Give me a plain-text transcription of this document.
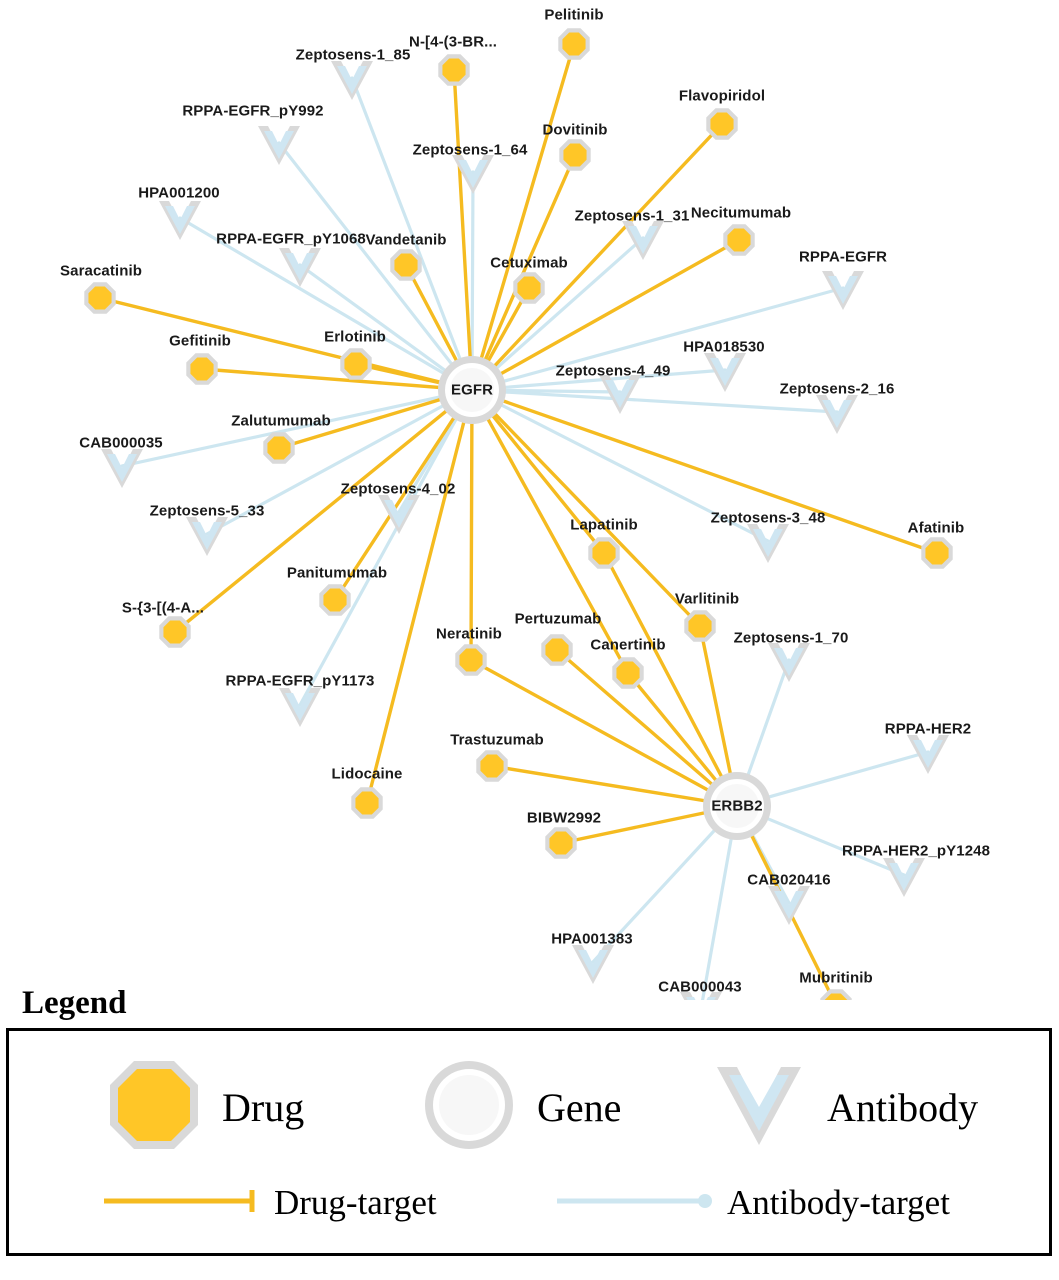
Pelitinib
N-[4-(3-BR...
Flavopiridol
Dovitinib
Necitumumab
Vandetanib
Cetuximab
Saracatinib
Gefitinib	Erlotinib
Zalutumumab
Afatinib
Lapatinib
Varlitinib
Panitumumab
S-{3-[(4-A...
Pertuzumab
Neratinib
Canertinib
Trastuzumab
Lidocaine
BIBW2992
Mubritinib
Zeptosens-1_85
RPPA-EGFR_pY992
Zeptosens-1_64
HPA001200
Zeptosens-1_31
RPPA-EGFR_pY1068
RPPA-EGFR
HPA018530
Zeptosens-4_49
Zeptosens-2_16
CAB000035
Zeptosens-4_02
Zeptosens-5_33	Zeptosens-3_48
Zeptosens-1_70
RPPA-EGFR_pY1173
RPPA-HER2
RPPA-HER2_pY1248
CAB020416
HPA001383
CAB000043
EGFR
ERBB2
Legend
Drug	Gene	Antibody
Drug-target	Antibody-target
